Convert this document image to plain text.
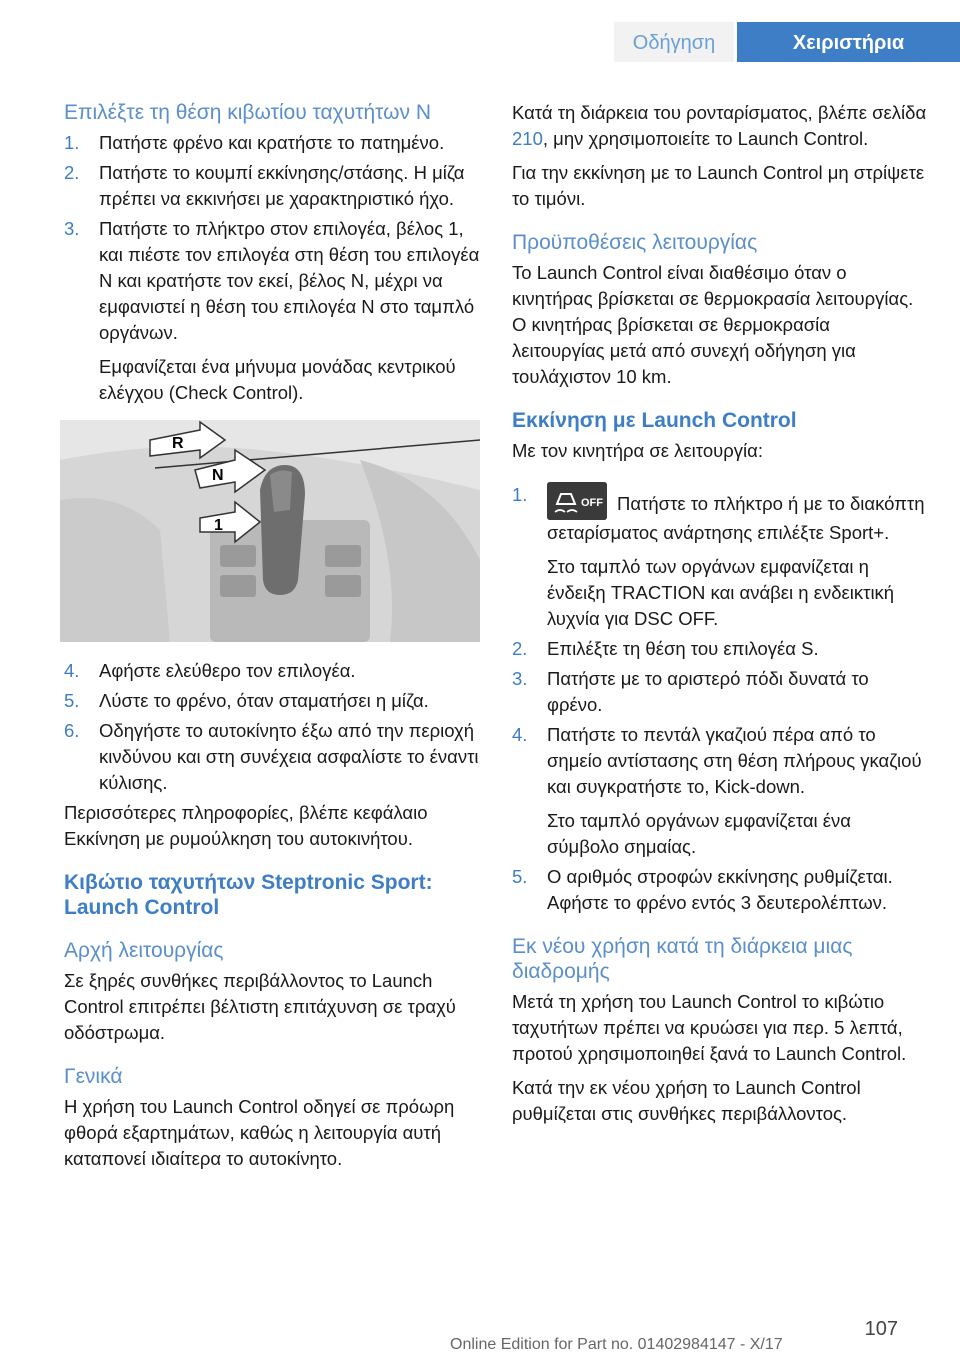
Οδήγηση	Χειριστήρια
Επιλέξτε τη θέση κιβωτίου ταχυτήτων N
1. Πατήστε φρένο και κρατήστε το πατημένο.
2. Πατήστε το κουμπί εκκίνησης/στάσης. Η μίζα πρέπει να εκκινήσει με χαρακτηριστικό ήχο.
3. Πατήστε το πλήκτρο στον επιλογέα, βέλος 1, και πιέστε τον επιλογέα στη θέση του επιλογέα N και κρατήστε τον εκεί, βέλος N, μέχρι να εμφανιστεί η θέση του επιλογέα N στο ταμπλό οργάνων.
Εμφανίζεται ένα μήνυμα μονάδας κεντρικού ελέγχου (Check Control).
R
N
1
4. Αφήστε ελεύθερο τον επιλογέα.
5. Λύστε το φρένο, όταν σταματήσει η μίζα.
6. Οδηγήστε το αυτοκίνητο έξω από την περιοχή κινδύνου και στη συνέχεια ασφαλίστε το έναντι κύλισης.

Περισσότερες πληροφορίες, βλέπε κεφάλαιο Εκκίνηση με ρυμούλκηση του αυτοκινήτου.

Κιβώτιο ταχυτήτων Steptronic Sport: Launch Control
Αρχή λειτουργίας

Σε ξηρές συνθήκες περιβάλλοντος το Launch Control επιτρέπει βέλτιστη επιτάχυνση σε τραχύ οδόστρωμα.

Γενικά

Η χρήση του Launch Control οδηγεί σε πρόωρη φθορά εξαρτημάτων, καθώς η λειτουργία αυτή καταπονεί ιδιαίτερα το αυτοκίνητο.

Κατά τη διάρκεια του ρονταρίσματος, βλέπε σελίδα 210, μην χρησιμοποιείτε το Launch Control.

Για την εκκίνηση με το Launch Control μη στρίψετε το τιμόνι.

Προϋποθέσεις λειτουργίας

Το Launch Control είναι διαθέσιμο όταν ο κινητήρας βρίσκεται σε θερμοκρασία λειτουργίας. Ο κινητήρας βρίσκεται σε θερμοκρασία λειτουργίας μετά από συνεχή οδήγηση για τουλάχιστον 10 km.

Εκκίνηση με Launch Control

Με τον κινητήρα σε λειτουργία:

1.	OFF Πατήστε το πλήκτρο ή με το διακόπτη σεταρίσματος ανάρτησης επιλέξτε Sport+.
Στο ταμπλό των οργάνων εμφανίζεται η ένδειξη TRACTION και ανάβει η ενδεικτική λυχνία για DSC OFF.
2. Επιλέξτε τη θέση του επιλογέα S.
3. Πατήστε με το αριστερό πόδι δυνατά το φρένο.
4. Πατήστε το πεντάλ γκαζιού πέρα από το σημείο αντίστασης στη θέση πλήρους γκαζιού και συγκρατήστε το, Kick-down.
Στο ταμπλό οργάνων εμφανίζεται ένα σύμβολο σημαίας.
5. Ο αριθμός στροφών εκκίνησης ρυθμίζεται. Αφήστε το φρένο εντός 3 δευτερολέπτων.
Εκ νέου χρήση κατά τη διάρκεια μιας διαδρομής

Μετά τη χρήση του Launch Control το κιβώτιο ταχυτήτων πρέπει να κρυώσει για περ. 5 λεπτά, προτού χρησιμοποιηθεί ξανά το Launch Control.

Κατά την εκ νέου χρήση το Launch Control ρυθμίζεται στις συνθήκες περιβάλλοντος.

107
Online Edition for Part no. 01402984147 - X/17
